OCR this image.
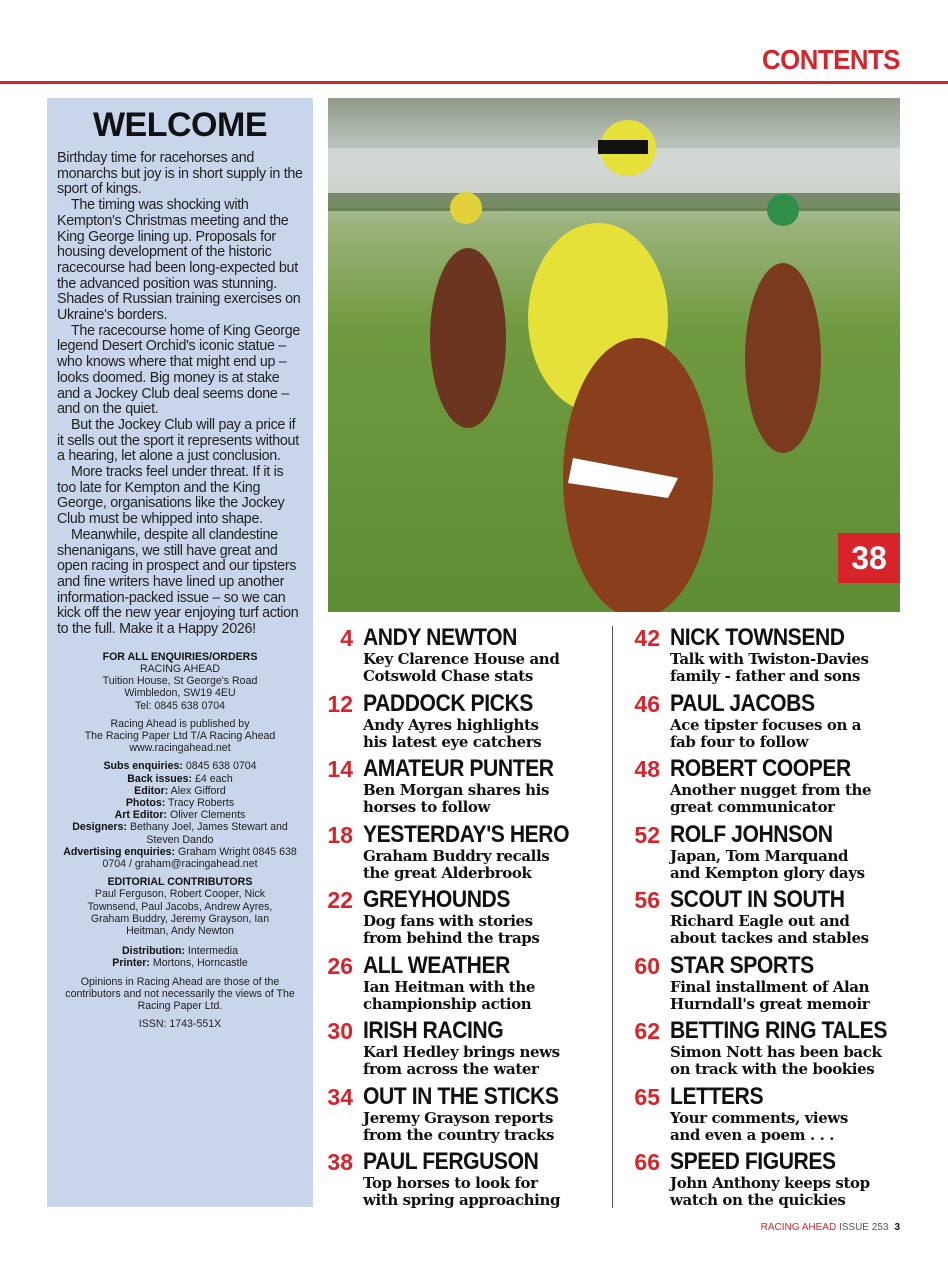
CONTENTS
WELCOME

Birthday time for racehorses and monarchs but joy is in short supply in the sport of kings.

The timing was shocking with Kempton's Christmas meeting and the King George lining up. Proposals for housing development of the historic racecourse had been long-expected but the advanced position was stunning. Shades of Russian training exercises on Ukraine's borders.

The racecourse home of King George legend Desert Orchid's iconic statue – who knows where that might end up – looks doomed. Big money is at stake and a Jockey Club deal seems done – and on the quiet.

But the Jockey Club will pay a price if it sells out the sport it represents without a hearing, let alone a just conclusion.

More tracks feel under threat. If it is too late for Kempton and the King George, organisations like the Jockey Club must be whipped into shape.

Meanwhile, despite all clandestine shenanigans, we still have great and open racing in prospect and our tipsters and fine writers have lined up another information-packed issue – so we can kick off the new year enjoying turf action to the full. Make it a Happy 2026!

FOR ALL ENQUIRIES/ORDERS
RACING AHEAD
Tuition House, St George's Road
Wimbledon, SW19 4EU
Tel: 0845 638 0704
Racing Ahead is published by
The Racing Paper Ltd T/A Racing Ahead
www.racingahead.net
Subs enquiries: 0845 638 0704
Back issues: £4 each
Editor: Alex Gifford
Photos: Tracy Roberts
Art Editor: Oliver Clements
Designers: Bethany Joel, James Stewart and Steven Dando
Advertising enquiries: Graham Wright 0845 638 0704 / graham@racingahead.net
EDITORIAL CONTRIBUTORS
Paul Ferguson, Robert Cooper, Nick Townsend, Paul Jacobs, Andrew Ayres, Graham Buddry, Jeremy Grayson, Ian Heitman, Andy Newton
Distribution: Intermedia
Printer: Mortons, Horncastle
Opinions in Racing Ahead are those of the contributors and not necessarily the views of The Racing Paper Ltd.
ISSN: 1743-551X
38
4 ANDY NEWTON
Key Clarence House and
Cotswold Chase stats
12 PADDOCK PICKS
Andy Ayres highlights
his latest eye catchers
14 AMATEUR PUNTER
Ben Morgan shares his
horses to follow
18 YESTERDAY'S HERO
Graham Buddry recalls
the great Alderbrook
22 GREYHOUNDS
Dog fans with stories
from behind the traps
26 ALL WEATHER
Ian Heitman with the
championship action
30 IRISH RACING
Karl Hedley brings news
from across the water
34 OUT IN THE STICKS
Jeremy Grayson reports
from the country tracks
38 PAUL FERGUSON
Top horses to look for
with spring approaching
42 NICK TOWNSEND
Talk with Twiston-Davies
family - father and sons
46 PAUL JACOBS
Ace tipster focuses on a
fab four to follow
48 ROBERT COOPER
Another nugget from the
great communicator
52 ROLF JOHNSON
Japan, Tom Marquand
and Kempton glory days
56 SCOUT IN SOUTH
Richard Eagle out and
about tackes and stables
60 STAR SPORTS
Final installment of Alan
Hurndall's great memoir
62 BETTING RING TALES
Simon Nott has been back
on track with the bookies
65 LETTERS
Your comments, views
and even a poem . . .
66 SPEED FIGURES
John Anthony keeps stop
watch on the quickies
RACING AHEAD ISSUE 253 3
